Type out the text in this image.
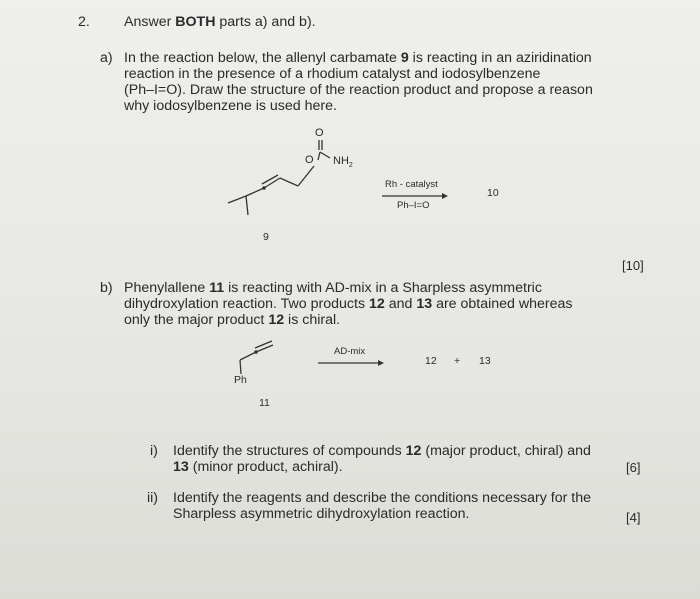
2. Answer BOTH parts a) and b).
a) In the reaction below, the allenyl carbamate 9 is reacting in an aziridination
reaction in the presence of a rhodium catalyst and iodosylbenzene
(Ph–I=O). Draw the structure of the reaction product and propose a reason
why iodosylbenzene is used here.
O
O $NH_2$
Rh - catalyst
Ph–I=O
10
9
[10]
b) Phenylallene 11 is reacting with AD-mix in a Sharpless asymmetric
dihydroxylation reaction. Two products 12 and 13 are obtained whereas
only the major product 12 is chiral.
Ph
AD-mix
12 + 13
11
i) Identify the structures of compounds 12 (major product, chiral) and
13 (minor product, achiral).	[6]
ii) Identify the reagents and describe the conditions necessary for the
Sharpless asymmetric dihydroxylation reaction.	[4]
